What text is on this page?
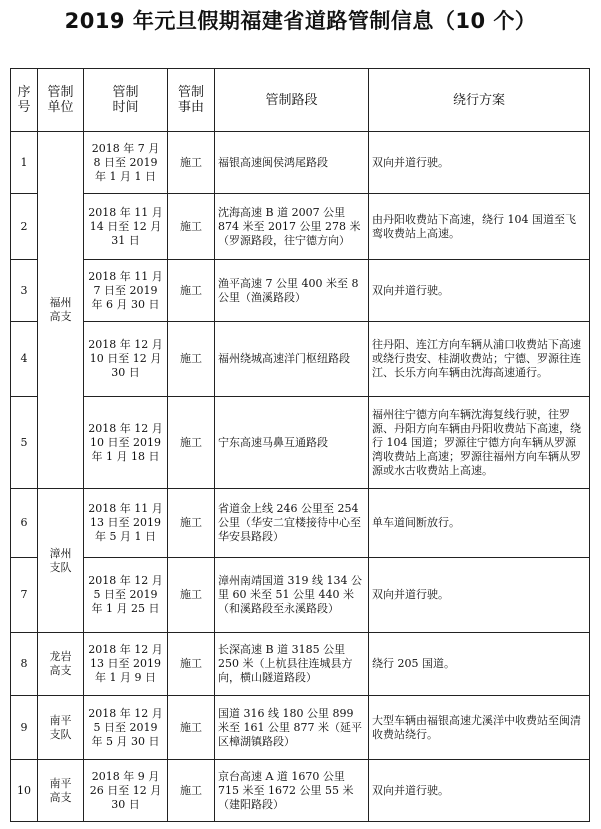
2019 年元旦假期福建省道路管制信息（10 个）
序号	管制单位	管制时间	管制事由	管制路段	绕行方案
1	福州高支	2018 年 7 月 8 日至 2019 年 1 月 1 日	施工	福银高速闽侯鸿尾路段	双向并道行驶。
2		2018 年 11 月 14 日至 12 月 31 日	施工	沈海高速 B 道 2007 公里 874 米至 2017 公里 278 米（罗源路段，往宁德方向）	由丹阳收费站下高速，绕行 104 国道至飞鸾收费站上高速。
3		2018 年 11 月 7 日至 2019 年 6 月 30 日	施工	渔平高速 7 公里 400 米至 8 公里（渔溪路段）	双向并道行驶。
4		2018 年 12 月 10 日至 12 月 30 日	施工	福州绕城高速洋门枢纽路段	往丹阳、连江方向车辆从浦口收费站下高速或绕行贵安、桂湖收费站；宁德、罗源往连江、长乐方向车辆由沈海高速通行。
5		2018 年 12 月 10 日至 2019 年 1 月 18 日	施工	宁东高速马鼻互通路段	福州往宁德方向车辆沈海复线行驶，往罗源、丹阳方向车辆由丹阳收费站下高速，绕行 104 国道；罗源往宁德方向车辆从罗源湾收费站上高速；罗源往福州方向车辆从罗源或水古收费站上高速。
6	漳州支队	2018 年 11 月 13 日至 2019 年 5 月 1 日	施工	省道金上线 246 公里至 254 公里（华安二宜楼接待中心至华安县路段）	单车道间断放行。
7		2018 年 12 月 5 日至 2019 年 1 月 25 日	施工	漳州南靖国道 319 线 134 公里 60 米至 51 公里 440 米（和溪路段至永溪路段）	双向并道行驶。
8	龙岩高支	2018 年 12 月 13 日至 2019 年 1 月 9 日	施工	长深高速 B 道 3185 公里 250 米（上杭县往连城县方向，横山隧道路段）	绕行 205 国道。
9	南平支队	2018 年 12 月 5 日至 2019 年 5 月 30 日	施工	国道 316 线 180 公里 899 米至 161 公里 877 米（延平区樟湖镇路段）	大型车辆由福银高速尤溪洋中收费站至闽清收费站绕行。
10	南平高支	2018 年 9 月 26 日至 12 月 30 日	施工	京台高速 A 道 1670 公里 715 米至 1672 公里 55 米（建阳路段）	双向并道行驶。
